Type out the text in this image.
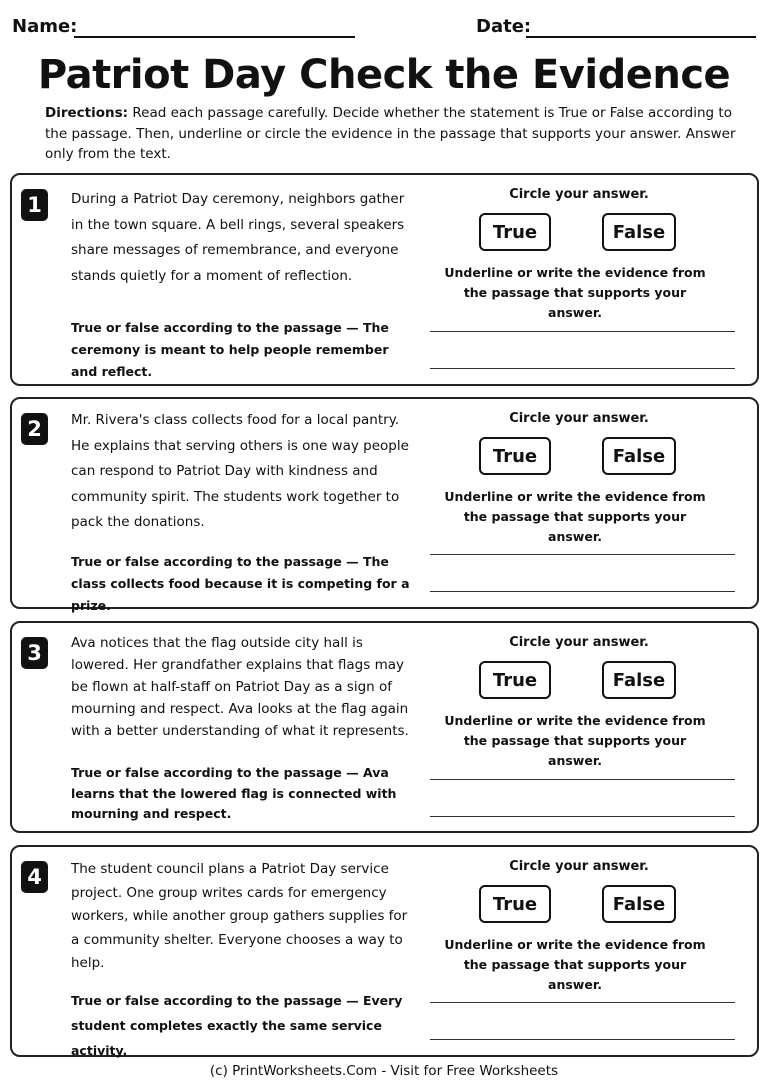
Name:	Date:
Patriot Day Check the Evidence
Directions: Read each passage carefully. Decide whether the statement is True or False according to the passage. Then, underline or circle the evidence in the passage that supports your answer. Answer only from the text.
1	During a Patriot Day ceremony, neighbors gather in the town square. A bell rings, several speakers share messages of remembrance, and everyone stands quietly for a moment of reflection.
True or false according to the passage — The ceremony is meant to help people remember and reflect.
Circle your answer.
True	False
Underline or write the evidence from the passage that supports your answer.
2	Mr. Rivera's class collects food for a local pantry. He explains that serving others is one way people can respond to Patriot Day with kindness and community spirit. The students work together to pack the donations.
True or false according to the passage — The class collects food because it is competing for a prize.
Circle your answer.
True	False
Underline or write the evidence from the passage that supports your answer.
3	Ava notices that the flag outside city hall is lowered. Her grandfather explains that flags may be flown at half-staff on Patriot Day as a sign of mourning and respect. Ava looks at the flag again with a better understanding of what it represents.
True or false according to the passage — Ava learns that the lowered flag is connected with mourning and respect.
Circle your answer.
True	False
Underline or write the evidence from the passage that supports your answer.
4	The student council plans a Patriot Day service project. One group writes cards for emergency workers, while another group gathers supplies for a community shelter. Everyone chooses a way to help.
True or false according to the passage — Every student completes exactly the same service activity.
Circle your answer.
True	False
Underline or write the evidence from the passage that supports your answer.
(c) PrintWorksheets.Com - Visit for Free Worksheets
